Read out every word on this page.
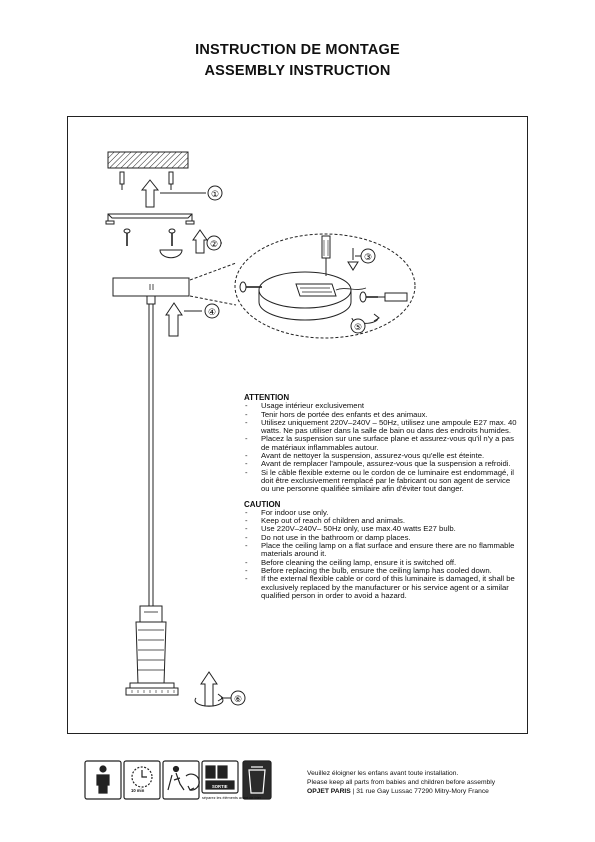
INSTRUCTION DE MONTAGE
ASSEMBLY INSTRUCTION
①
②
③
④
⑤
⑥
ATTENTION
- Usage intérieur exclusivement
- Tenir hors de portée des enfants et des animaux.
- Utilisez uniquement 220V–240V – 50Hz, utilisez une ampoule E27 max. 40 watts. Ne pas utiliser dans la salle de bain ou dans des endroits humides.
- Placez la suspension sur une surface plane et assurez-vous qu'il n'y a pas de matériaux inflammables autour.
- Avant de nettoyer la suspension, assurez-vous qu'elle est éteinte.
- Avant de remplacer l'ampoule, assurez-vous que la suspension a refroidi.
- Si le câble flexible externe ou le cordon de ce luminaire est endommagé, il doit être exclusivement remplacé par le fabricant ou son agent de service ou une personne qualifiée similaire afin d'éviter tout danger.
CAUTION
- For indoor use only.
- Keep out of reach of children and animals.
- Use 220V–240V– 50Hz only, use max.40 watts E27 bulb.
- Do not use in the bathroom or damp places.
- Place the ceiling lamp on a flat surface and ensure there are no flammable materials around it.
- Before cleaning the ceiling lamp, ensure it is switched off.
- Before replacing the bulb, ensure the ceiling lamp has cooled down.
- If the external flexible cable or cord of this luminaire is damaged, it shall be exclusively replaced by the manufacturer or his service agent or a similar qualified person in order to avoid a hazard.
10 min
SORTIE
séparez les éléments avant de trier
Veuillez éloigner les enfans avant toute installation.
Please keep all parts from babies and children before assembly
OPJET PARIS | 31 rue Gay Lussac 77290 Mitry-Mory France
